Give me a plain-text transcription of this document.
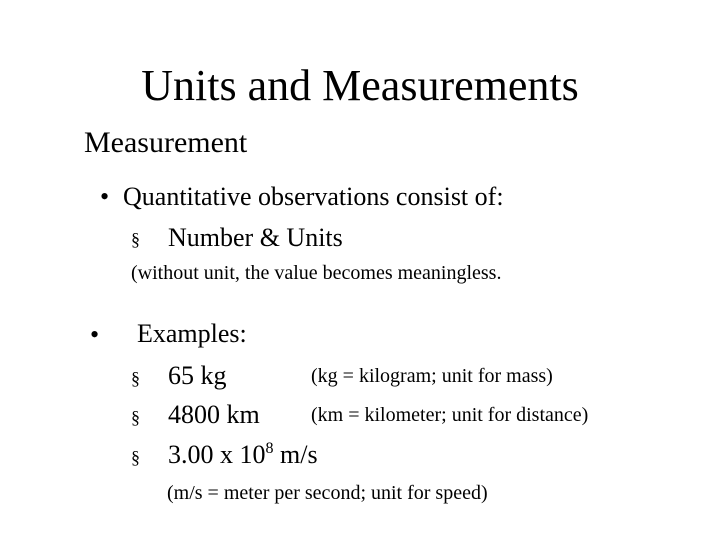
Units and Measurements
Measurement
• Quantitative observations consist of:
§ Number & Units
(without unit, the value becomes meaningless.
• Examples:
§ 65 kg	(kg = kilogram; unit for mass)
§ 4800 km	(km = kilometer; unit for distance)
§ 3.00 x $10^8$ m/s
(m/s = meter per second; unit for speed)
